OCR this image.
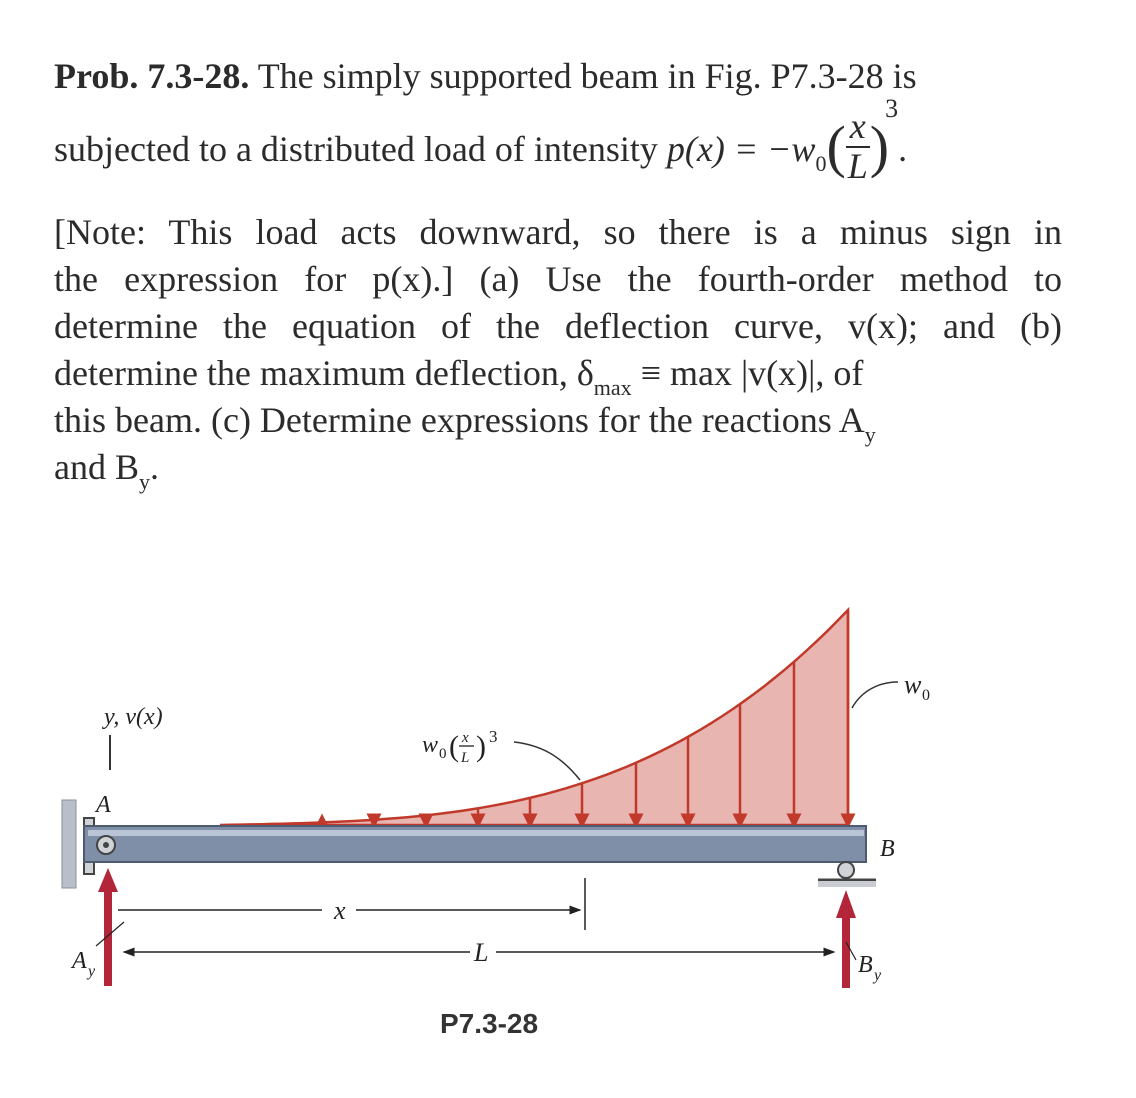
Prob. 7.3-28. The simply supported beam in Fig. P7.3-28 is
subjected to a distributed load of intensity $p(x) = -w_0( \frac{x}{L} )^3$.
[Note: This load acts downward, so there is a minus sign in
the expression for p(x).] (a) Use the fourth-order method to
determine the equation of the deflection curve, v(x); and (b)
determine the maximum deflection, $\delta_{max} \equiv \max |v(x)|$, of
this beam. (c) Determine expressions for the reactions $A_y$
and $B_y$.
y, v(x)
A
B
w 0 ( x
L ) 3
w 0
x
L
A y	B y
P7.3-28
